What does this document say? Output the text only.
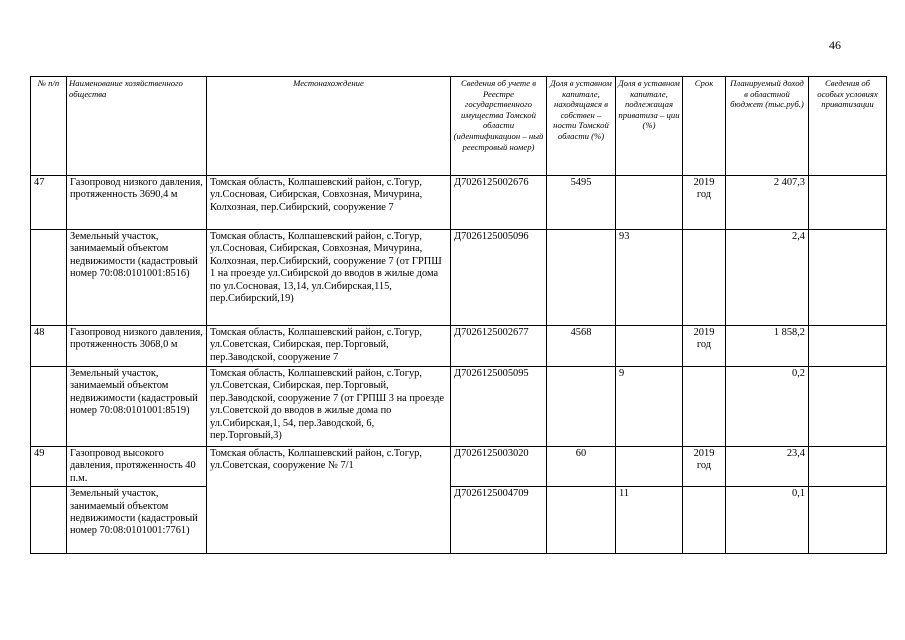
46
№ п/п	Наименование хозяйственного общества	Местонахождение	Сведения об учете в Реестре государственного имущества Томской области (идентификацион – ный реестровый номер)	Доля в уставном капитале, находящаяся в собствен – ности Томской области (%)	Доля в уставном капитале, подлежащая приватиза – ции (%)	Срок	Планируемый доход в областной бюджет (тыс.руб.)	Сведения об особых условиях приватизации
47	Газопровод низкого давления, протяженность 3690,4 м	Томская область, Колпашевский район, с.Тогур, ул.Сосновая, Сибирская, Совхозная, Мичурина, Колхозная, пер.Сибирский, сооружение 7	Д7026125002676	5495		2019 год	2 407,3	
	Земельный участок, занимаемый объектом недвижимости (кадастровый номер 70:08:0101001:8516)	Томская область, Колпашевский район, с.Тогур, ул.Сосновая, Сибирская, Совхозная, Мичурина, Колхозная, пер.Сибирский, сооружение 7 (от ГРПШ 1 на проезде ул.Сибирской до вводов в жилые дома по ул.Сосновая, 13,14, ул.Сибирская,115, пер.Сибирский,19)	Д7026125005096		93		2,4	
48	Газопровод низкого давления, протяженность 3068,0 м	Томская область, Колпашевский район, с.Тогур, ул.Советская, Сибирская, пер.Торговый, пер.Заводской, сооружение 7	Д7026125002677	4568		2019 год	1 858,2	
	Земельный участок, занимаемый объектом недвижимости (кадастровый номер 70:08:0101001:8519)	Томская область, Колпашевский район, с.Тогур, ул.Советская, Сибирская, пер.Торговый, пер.Заводской, сооружение 7 (от ГРПШ 3 на проезде ул.Советской до вводов в жилые дома по ул.Сибирская,1, 54, пер.Заводской, 6, пер.Торговый,3)	Д7026125005095		9		0,2	
49	Газопровод высокого давления, протяженность 40 п.м.	Томская область, Колпашевский район, с.Тогур, ул.Советская, сооружение № 7/1	Д7026125003020	60		2019 год	23,4	
	Земельный участок, занимаемый объектом недвижимости (кадастровый номер 70:08:0101001:7761)		Д7026125004709		11		0,1	
